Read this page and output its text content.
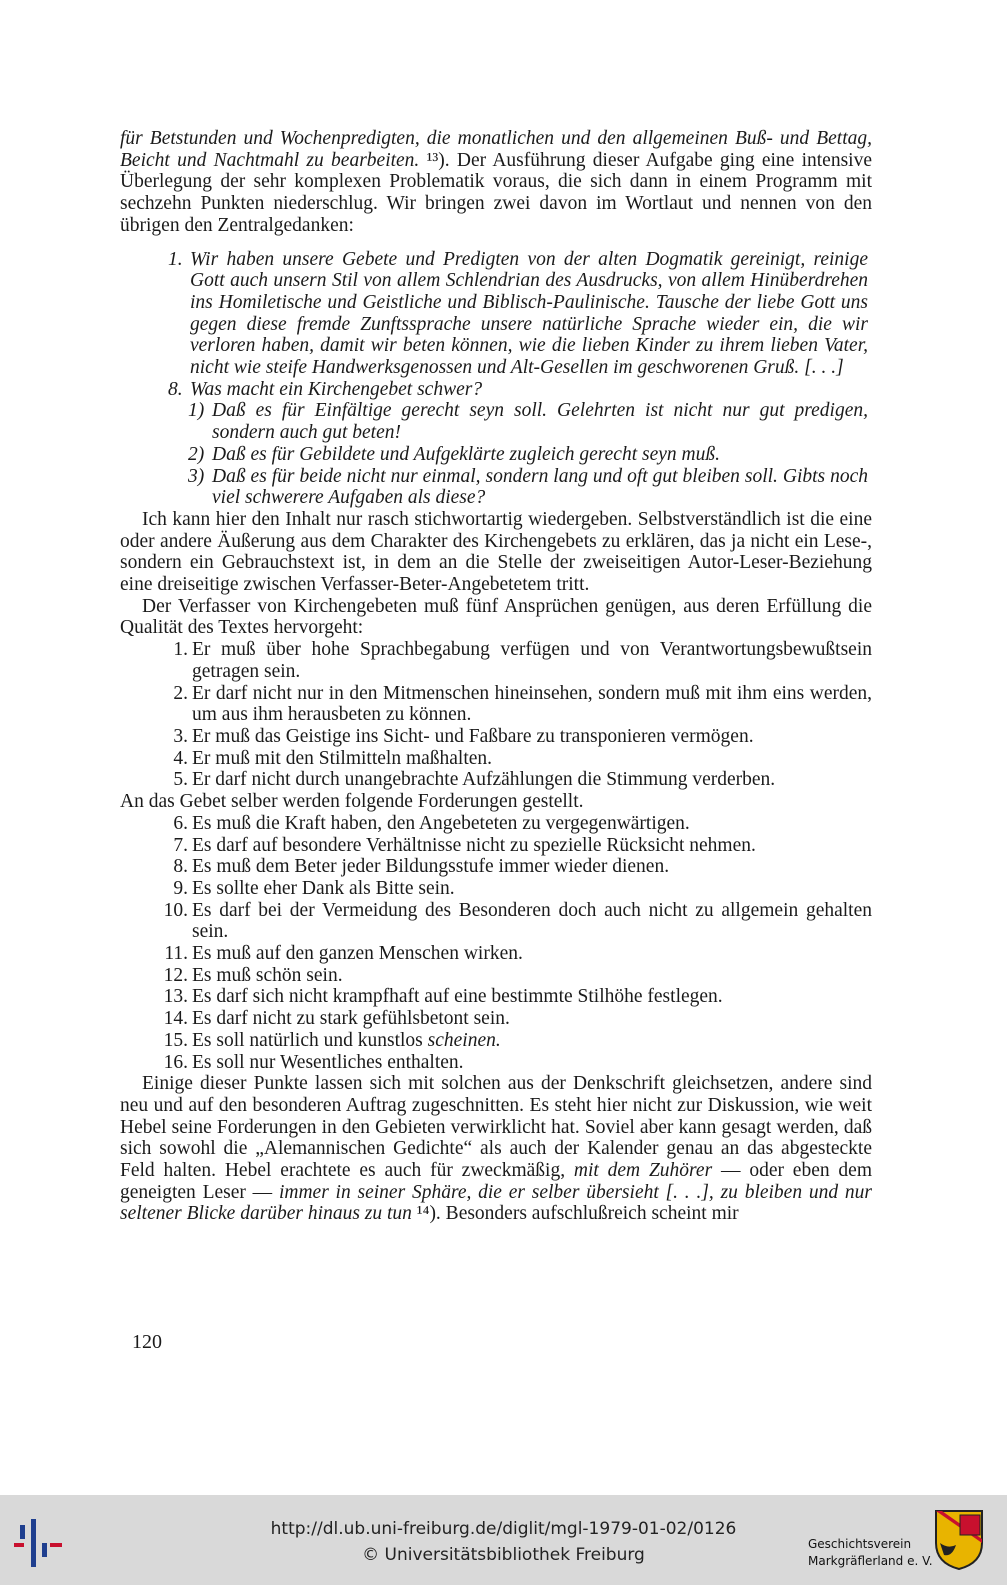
für Betstunden und Wochenpredigten, die monatlichen und den allgemeinen Buß- und Bettag, Beicht und Nachtmahl zu bearbeiten. ¹³). Der Ausführung dieser Aufgabe ging eine intensive Überlegung der sehr komplexen Problematik voraus, die sich dann in einem Programm mit sechzehn Punkten niederschlug. Wir bringen zwei davon im Wortlaut und nennen von den übrigen den Zentralgedanken:

1. Wir haben unsere Gebete und Predigten von der alten Dogmatik gereinigt, reinige Gott auch unsern Stil von allem Schlendrian des Ausdrucks, von allem Hinüberdrehen ins Homiletische und Geistliche und Biblisch-Paulinische. Tausche der liebe Gott uns gegen diese fremde Zunftssprache unsere natürliche Sprache wieder ein, die wir verloren haben, damit wir beten können, wie die lieben Kinder zu ihrem lieben Vater, nicht wie steife Handwerksgenossen und Alt-Gesellen im geschworenen Gruß. [. . .]
8. Was macht ein Kirchengebet schwer?
1) Daß es für Einfältige gerecht seyn soll. Gelehrten ist nicht nur gut predigen, sondern auch gut beten!
2) Daß es für Gebildete und Aufgeklärte zugleich gerecht seyn muß.
3) Daß es für beide nicht nur einmal, sondern lang und oft gut bleiben soll. Gibts noch viel schwerere Aufgaben als diese?

Ich kann hier den Inhalt nur rasch stichwortartig wiedergeben. Selbstverständlich ist die eine oder andere Äußerung aus dem Charakter des Kirchengebets zu erklären, das ja nicht ein Lese-, sondern ein Gebrauchstext ist, in dem an die Stelle der zweiseitigen Autor-Leser-Beziehung eine dreiseitige zwischen Verfasser-Beter-Angebetetem tritt.

Der Verfasser von Kirchengebeten muß fünf Ansprüchen genügen, aus deren Erfüllung die Qualität des Textes hervorgeht:

1. Er muß über hohe Sprachbegabung verfügen und von Verantwortungsbewußtsein getragen sein.
2. Er darf nicht nur in den Mitmenschen hineinsehen, sondern muß mit ihm eins werden, um aus ihm herausbeten zu können.
3. Er muß das Geistige ins Sicht- und Faßbare zu transponieren vermögen.
4. Er muß mit den Stilmitteln maßhalten.
5. Er darf nicht durch unangebrachte Aufzählungen die Stimmung verderben.

An das Gebet selber werden folgende Forderungen gestellt.

6. Es muß die Kraft haben, den Angebeteten zu vergegenwärtigen.
7. Es darf auf besondere Verhältnisse nicht zu spezielle Rücksicht nehmen.
8. Es muß dem Beter jeder Bildungsstufe immer wieder dienen.
9. Es sollte eher Dank als Bitte sein.
10. Es darf bei der Vermeidung des Besonderen doch auch nicht zu allgemein gehalten sein.
11. Es muß auf den ganzen Menschen wirken.
12. Es muß schön sein.
13. Es darf sich nicht krampfhaft auf eine bestimmte Stilhöhe festlegen.
14. Es darf nicht zu stark gefühlsbetont sein.
15. Es soll natürlich und kunstlos scheinen.
16. Es soll nur Wesentliches enthalten.

Einige dieser Punkte lassen sich mit solchen aus der Denkschrift gleichsetzen, andere sind neu und auf den besonderen Auftrag zugeschnitten. Es steht hier nicht zur Diskussion, wie weit Hebel seine Forderungen in den Gebieten verwirklicht hat. Soviel aber kann gesagt werden, daß sich sowohl die „Alemannischen Gedichte“ als auch der Kalender genau an das abgesteckte Feld halten. Hebel erachtete es auch für zweckmäßig, mit dem Zuhörer — oder eben dem geneigten Leser — immer in seiner Sphäre, die er selber übersieht [. . .], zu bleiben und nur seltener Blicke darüber hinaus zu tun ¹⁴). Besonders aufschlußreich scheint mir

120
http://dl.ub.uni-freiburg.de/diglit/mgl-1979-01-02/0126
© Universitätsbibliothek Freiburg
Geschichtsverein
Markgräflerland e. V.
